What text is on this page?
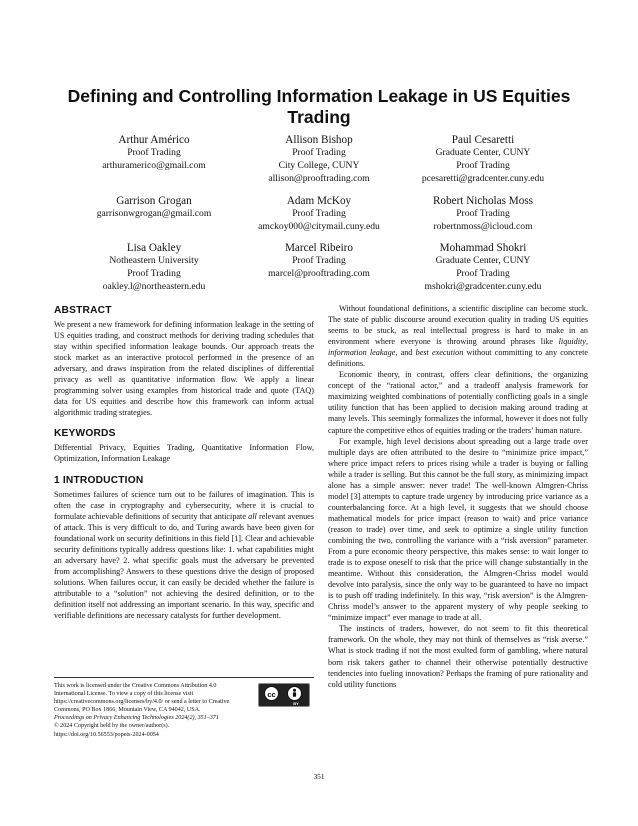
Defining and Controlling Information Leakage in US Equities Trading
Arthur Américo
Proof Trading
arthuramerico@gmail.com
Allison Bishop
Proof Trading
City College, CUNY
allison@prooftrading.com
Paul Cesaretti
Graduate Center, CUNY
Proof Trading
pcesaretti@gradcenter.cuny.edu
Garrison Grogan
garrisonwgrogan@gmail.com
Adam McKoy
Proof Trading
amckoy000@citymail.cuny.edu
Robert Nicholas Moss
Proof Trading
robertnmoss@icloud.com
Lisa Oakley
Notheastern University
Proof Trading
oakley.l@northeastern.edu
Marcel Ribeiro
Proof Trading
marcel@prooftrading.com
Mohammad Shokri
Graduate Center, CUNY
Proof Trading
mshokri@gradcenter.cuny.edu
ABSTRACT

We present a new framework for defining information leakage in the setting of US equities trading, and construct methods for deriving trading schedules that stay within specified information leakage bounds. Our approach treats the stock market as an interactive protocol performed in the presence of an adversary, and draws inspiration from the related disciplines of differential privacy as well as quantitative information flow. We apply a linear programming solver using examples from historical trade and quote (TAQ) data for US equities and describe how this framework can inform actual algorithmic trading strategies.

KEYWORDS

Differential Privacy, Equities Trading, Quantitative Information Flow, Optimization, Information Leakage

1 INTRODUCTION

Sometimes failures of science turn out to be failures of imagination. This is often the case in cryptography and cybersecurity, where it is crucial to formulate achievable definitions of security that anticipate all relevant avenues of attack. This is very difficult to do, and Turing awards have been given for foundational work on security definitions in this field [1]. Clear and achievable security definitions typically address questions like: 1. what capabilities might an adversary have? 2. what specific goals must the adversary be prevented from accomplishing? Answers to these questions drive the design of proposed solutions. When failures occur, it can easily be decided whether the failure is attributable to a “solution” not achieving the desired definition, or to the definition itself not addressing an important scenario. In this way, specific and verifiable definitions are necessary catalysts for further development.

This work is licensed under the Creative Commons Attribution 4.0 International License. To view a copy of this license visit https://creativecommons.org/licenses/by/4.0/ or send a letter to Creative Commons, PO Box 1866, Mountain View, CA 94042, USA.
Proceedings on Privacy Enhancing Technologies 2024(2), 351–371
© 2024 Copyright held by the owner/author(s).
https://doi.org/10.56553/popets-2024-0054
cc
BY

Without foundational definitions, a scientific discipline can become stuck. The state of public discourse around execution quality in trading US equities seems to be stuck, as real intellectual progress is hard to make in an environment where everyone is throwing around phrases like liquidity, information leakage, and best execution without committing to any concrete definitions.

Economic theory, in contrast, offers clear definitions, the organizing concept of the “rational actor,” and a tradeoff analysis framework for maximizing weighted combinations of potentially conflicting goals in a single utility function that has been applied to decision making around trading at many levels. This seemingly formalizes the informal, however it does not fully capture the competitive ethos of equities trading or the traders’ human nature.

For example, high level decisions about spreading out a large trade over multiple days are often attributed to the desire to “minimize price impact,” where price impact refers to prices rising while a trader is buying or falling while a trader is selling. But this cannot be the full story, as minimizing impact alone has a simple answer: never trade! The well-known Almgren-Chriss model [3] attempts to capture trade urgency by introducing price variance as a counterbalancing force. At a high level, it suggests that we should choose mathematical models for price impact (reason to wait) and price variance (reason to trade) over time, and seek to optimize a single utility function combining the two, controlling the variance with a “risk aversion” parameter. From a pure economic theory perspective, this makes sense: to wait longer to trade is to expose oneself to risk that the price will change substantially in the meantime. Without this consideration, the Almgren-Chriss model would devolve into paralysis, since the only way to be guaranteed to have no impact is to push off trading indefinitely. In this way, “risk aversion” is the Almgren-Chriss model’s answer to the apparent mystery of why people seeking to “minimize impact” ever manage to trade at all.

The instincts of traders, however, do not seem to fit this theoretical framework. On the whole, they may not think of themselves as “risk averse.” What is stock trading if not the most exulted form of gambling, where natural born risk takers gather to channel their otherwise potentially destructive tendencies into fueling innovation? Perhaps the framing of pure rationality and cold utility functions

351
